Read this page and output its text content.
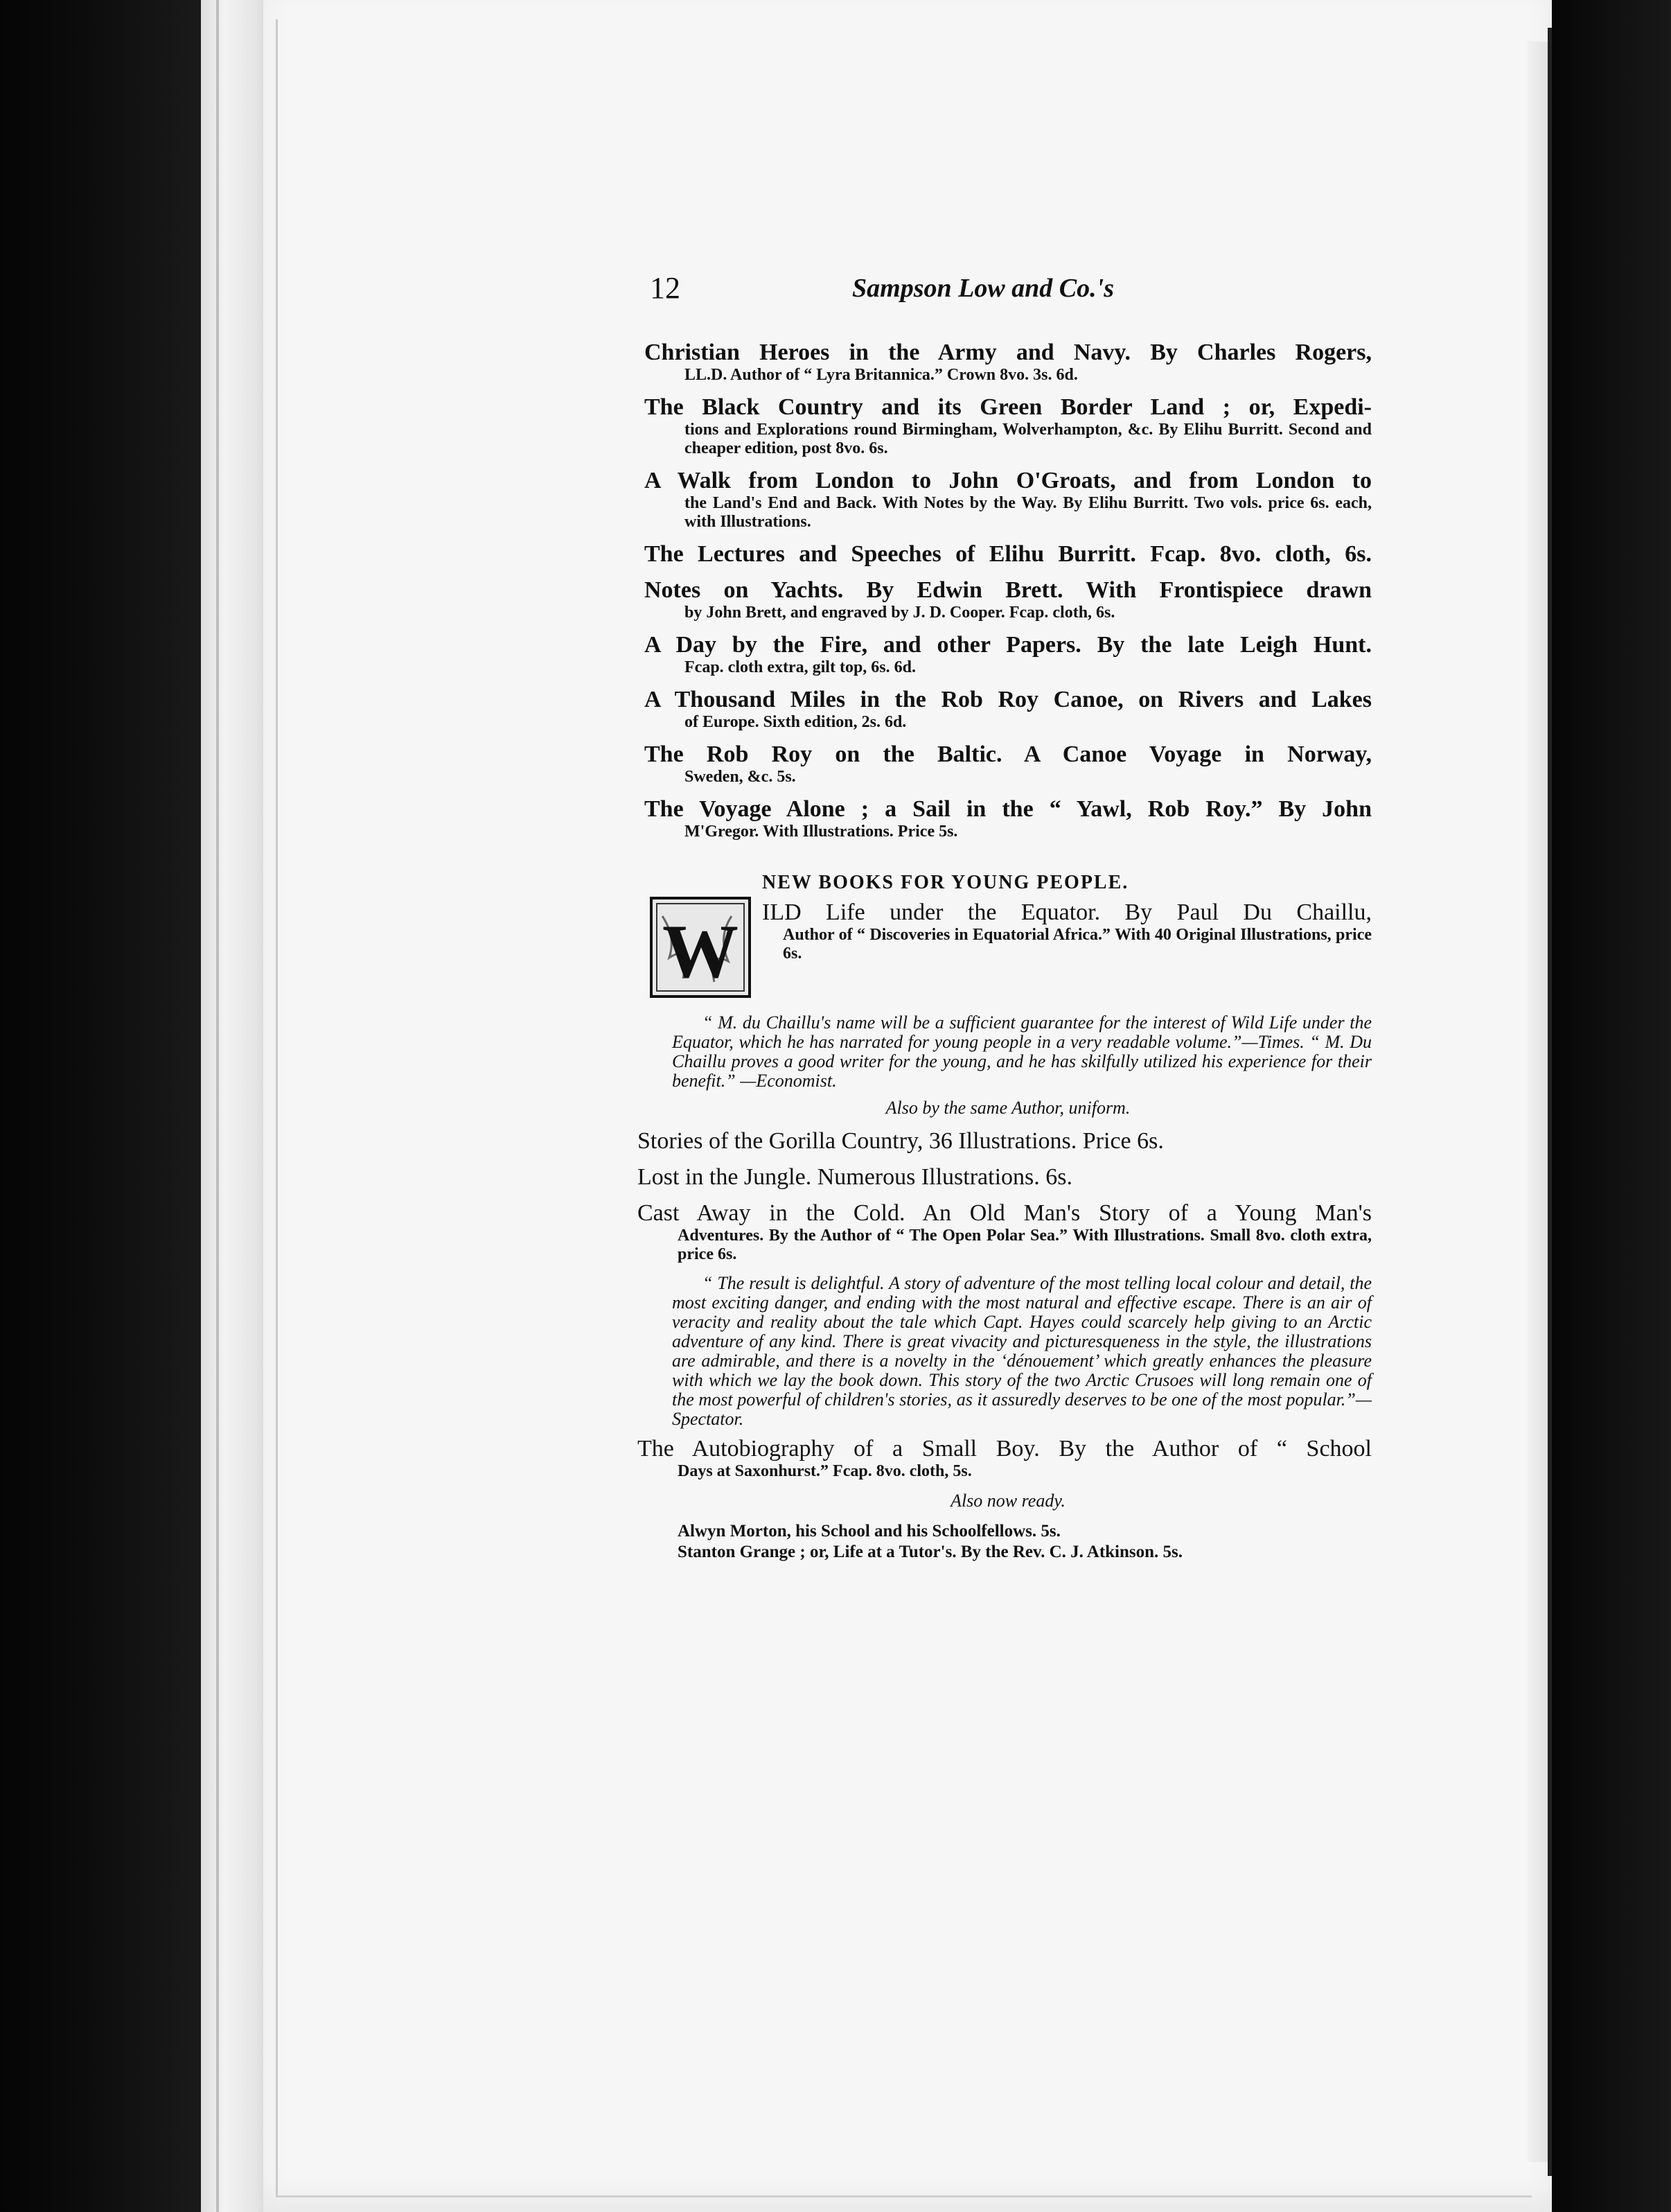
12	Sampson Low and Co.'s
Christian Heroes in the Army and Navy. By Charles Rogers,
LL.D. Author of “ Lyra Britannica.” Crown 8vo. 3s. 6d.
The Black Country and its Green Border Land ; or, Expedi-
tions and Explorations round Birmingham, Wolverhampton, &c. By Elihu Burritt. Second and cheaper edition, post 8vo. 6s.
A Walk from London to John O'Groats, and from London to
the Land's End and Back. With Notes by the Way. By Elihu Burritt. Two vols. price 6s. each, with Illustrations.
The Lectures and Speeches of Elihu Burritt. Fcap. 8vo. cloth, 6s.
Notes on Yachts. By Edwin Brett. With Frontispiece drawn
by John Brett, and engraved by J. D. Cooper. Fcap. cloth, 6s.
A Day by the Fire, and other Papers. By the late Leigh Hunt.
Fcap. cloth extra, gilt top, 6s. 6d.
A Thousand Miles in the Rob Roy Canoe, on Rivers and Lakes
of Europe. Sixth edition, 2s. 6d.
The Rob Roy on the Baltic. A Canoe Voyage in Norway,
Sweden, &c. 5s.
The Voyage Alone ; a Sail in the “ Yawl, Rob Roy.” By John
M'Gregor. With Illustrations. Price 5s.
NEW BOOKS FOR YOUNG PEOPLE.
W ILD Life under the Equator. By Paul Du Chaillu,
Author of “ Discoveries in Equatorial Africa.” With 40 Original Illustrations, price 6s.
“ M. du Chaillu's name will be a sufficient guarantee for the interest of Wild Life under the Equator, which he has narrated for young people in a very readable volume.”—Times. “ M. Du Chaillu proves a good writer for the young, and he has skilfully utilized his experience for their benefit.” —Economist.
Also by the same Author, uniform.
Stories of the Gorilla Country, 36 Illustrations. Price 6s.
Lost in the Jungle. Numerous Illustrations. 6s.
Cast Away in the Cold. An Old Man's Story of a Young Man's
Adventures. By the Author of “ The Open Polar Sea.” With Illustrations. Small 8vo. cloth extra, price 6s.
“ The result is delightful. A story of adventure of the most telling local colour and detail, the most exciting danger, and ending with the most natural and effective escape. There is an air of veracity and reality about the tale which Capt. Hayes could scarcely help giving to an Arctic adventure of any kind. There is great vivacity and picturesqueness in the style, the illustrations are admirable, and there is a novelty in the ‘dénouement’ which greatly enhances the pleasure with which we lay the book down. This story of the two Arctic Crusoes will long remain one of the most powerful of children's stories, as it assuredly deserves to be one of the most popular.”—Spectator.
The Autobiography of a Small Boy. By the Author of “ School
Days at Saxonhurst.” Fcap. 8vo. cloth, 5s.
Also now ready.
Alwyn Morton, his School and his Schoolfellows. 5s.
Stanton Grange ; or, Life at a Tutor's. By the Rev. C. J. Atkinson. 5s.
